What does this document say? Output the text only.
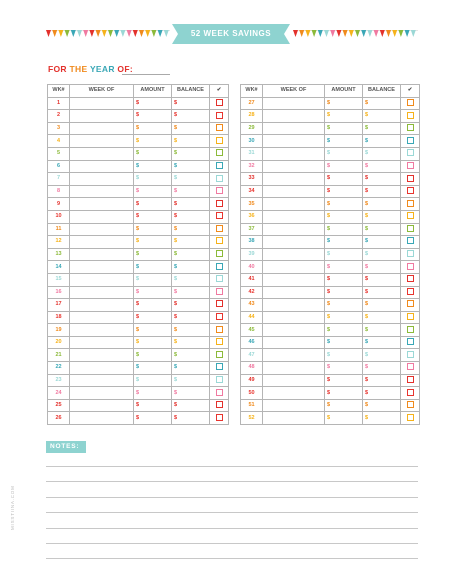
52 WEEK SAVINGS
FOR THE YEAR OF:
WK#	WEEK OF	AMOUNT	BALANCE	✔
1		$	$	
2		$	$	
3		$	$	
4		$	$	
5		$	$	
6		$	$	
7		$	$	
8		$	$	
9		$	$	
10		$	$	
11		$	$	
12		$	$	
13		$	$	
14		$	$	
15		$	$	
16		$	$	
17		$	$	
18		$	$	
19		$	$	
20		$	$	
21		$	$	
22		$	$	
23		$	$	
24		$	$	
25		$	$	
26		$	$	
WK#	WEEK OF	AMOUNT	BALANCE	✔
27		$	$	
28		$	$	
29		$	$	
30		$	$	
31		$	$	
32		$	$	
33		$	$	
34		$	$	
35		$	$	
36		$	$	
37		$	$	
38		$	$	
39		$	$	
40		$	$	
41		$	$	
42		$	$	
43		$	$	
44		$	$	
45		$	$	
46		$	$	
47		$	$	
48		$	$	
49		$	$	
50		$	$	
51		$	$	
52		$	$	
NOTES:
MISSTIINA.COM
